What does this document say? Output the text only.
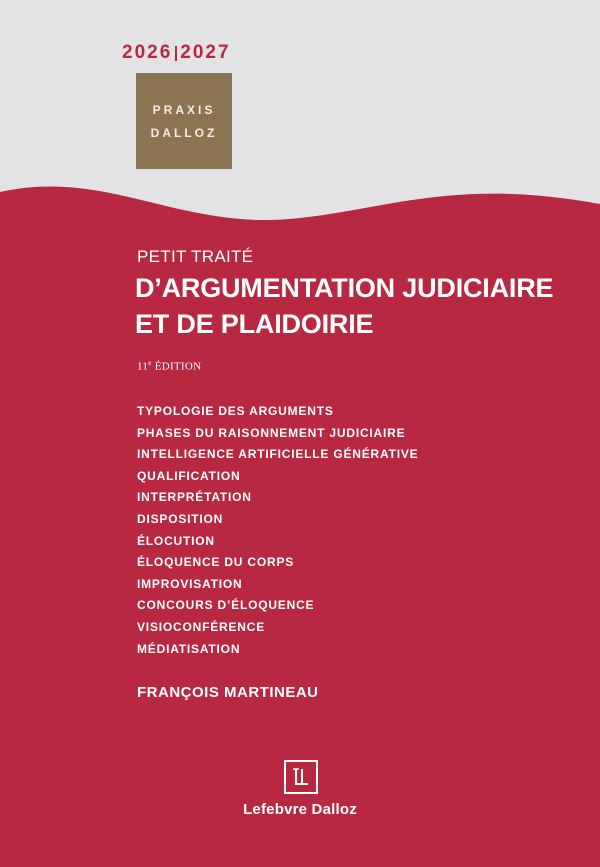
2026 2027
PRAXIS
DALLOZ
PETIT TRAITÉ
D’ARGUMENTATION JUDICIAIRE
ET DE PLAIDOIRIE
11e ÉDITION
TYPOLOGIE DES ARGUMENTS
PHASES DU RAISONNEMENT JUDICIAIRE
INTELLIGENCE ARTIFICIELLE GÉNÉRATIVE
QUALIFICATION
INTERPRÉTATION
DISPOSITION
ÉLOCUTION
ÉLOQUENCE DU CORPS
IMPROVISATION
CONCOURS D’ÉLOQUENCE
VISIOCONFÉRENCE
MÉDIATISATION
FRANÇOIS MARTINEAU
Lefebvre Dalloz
